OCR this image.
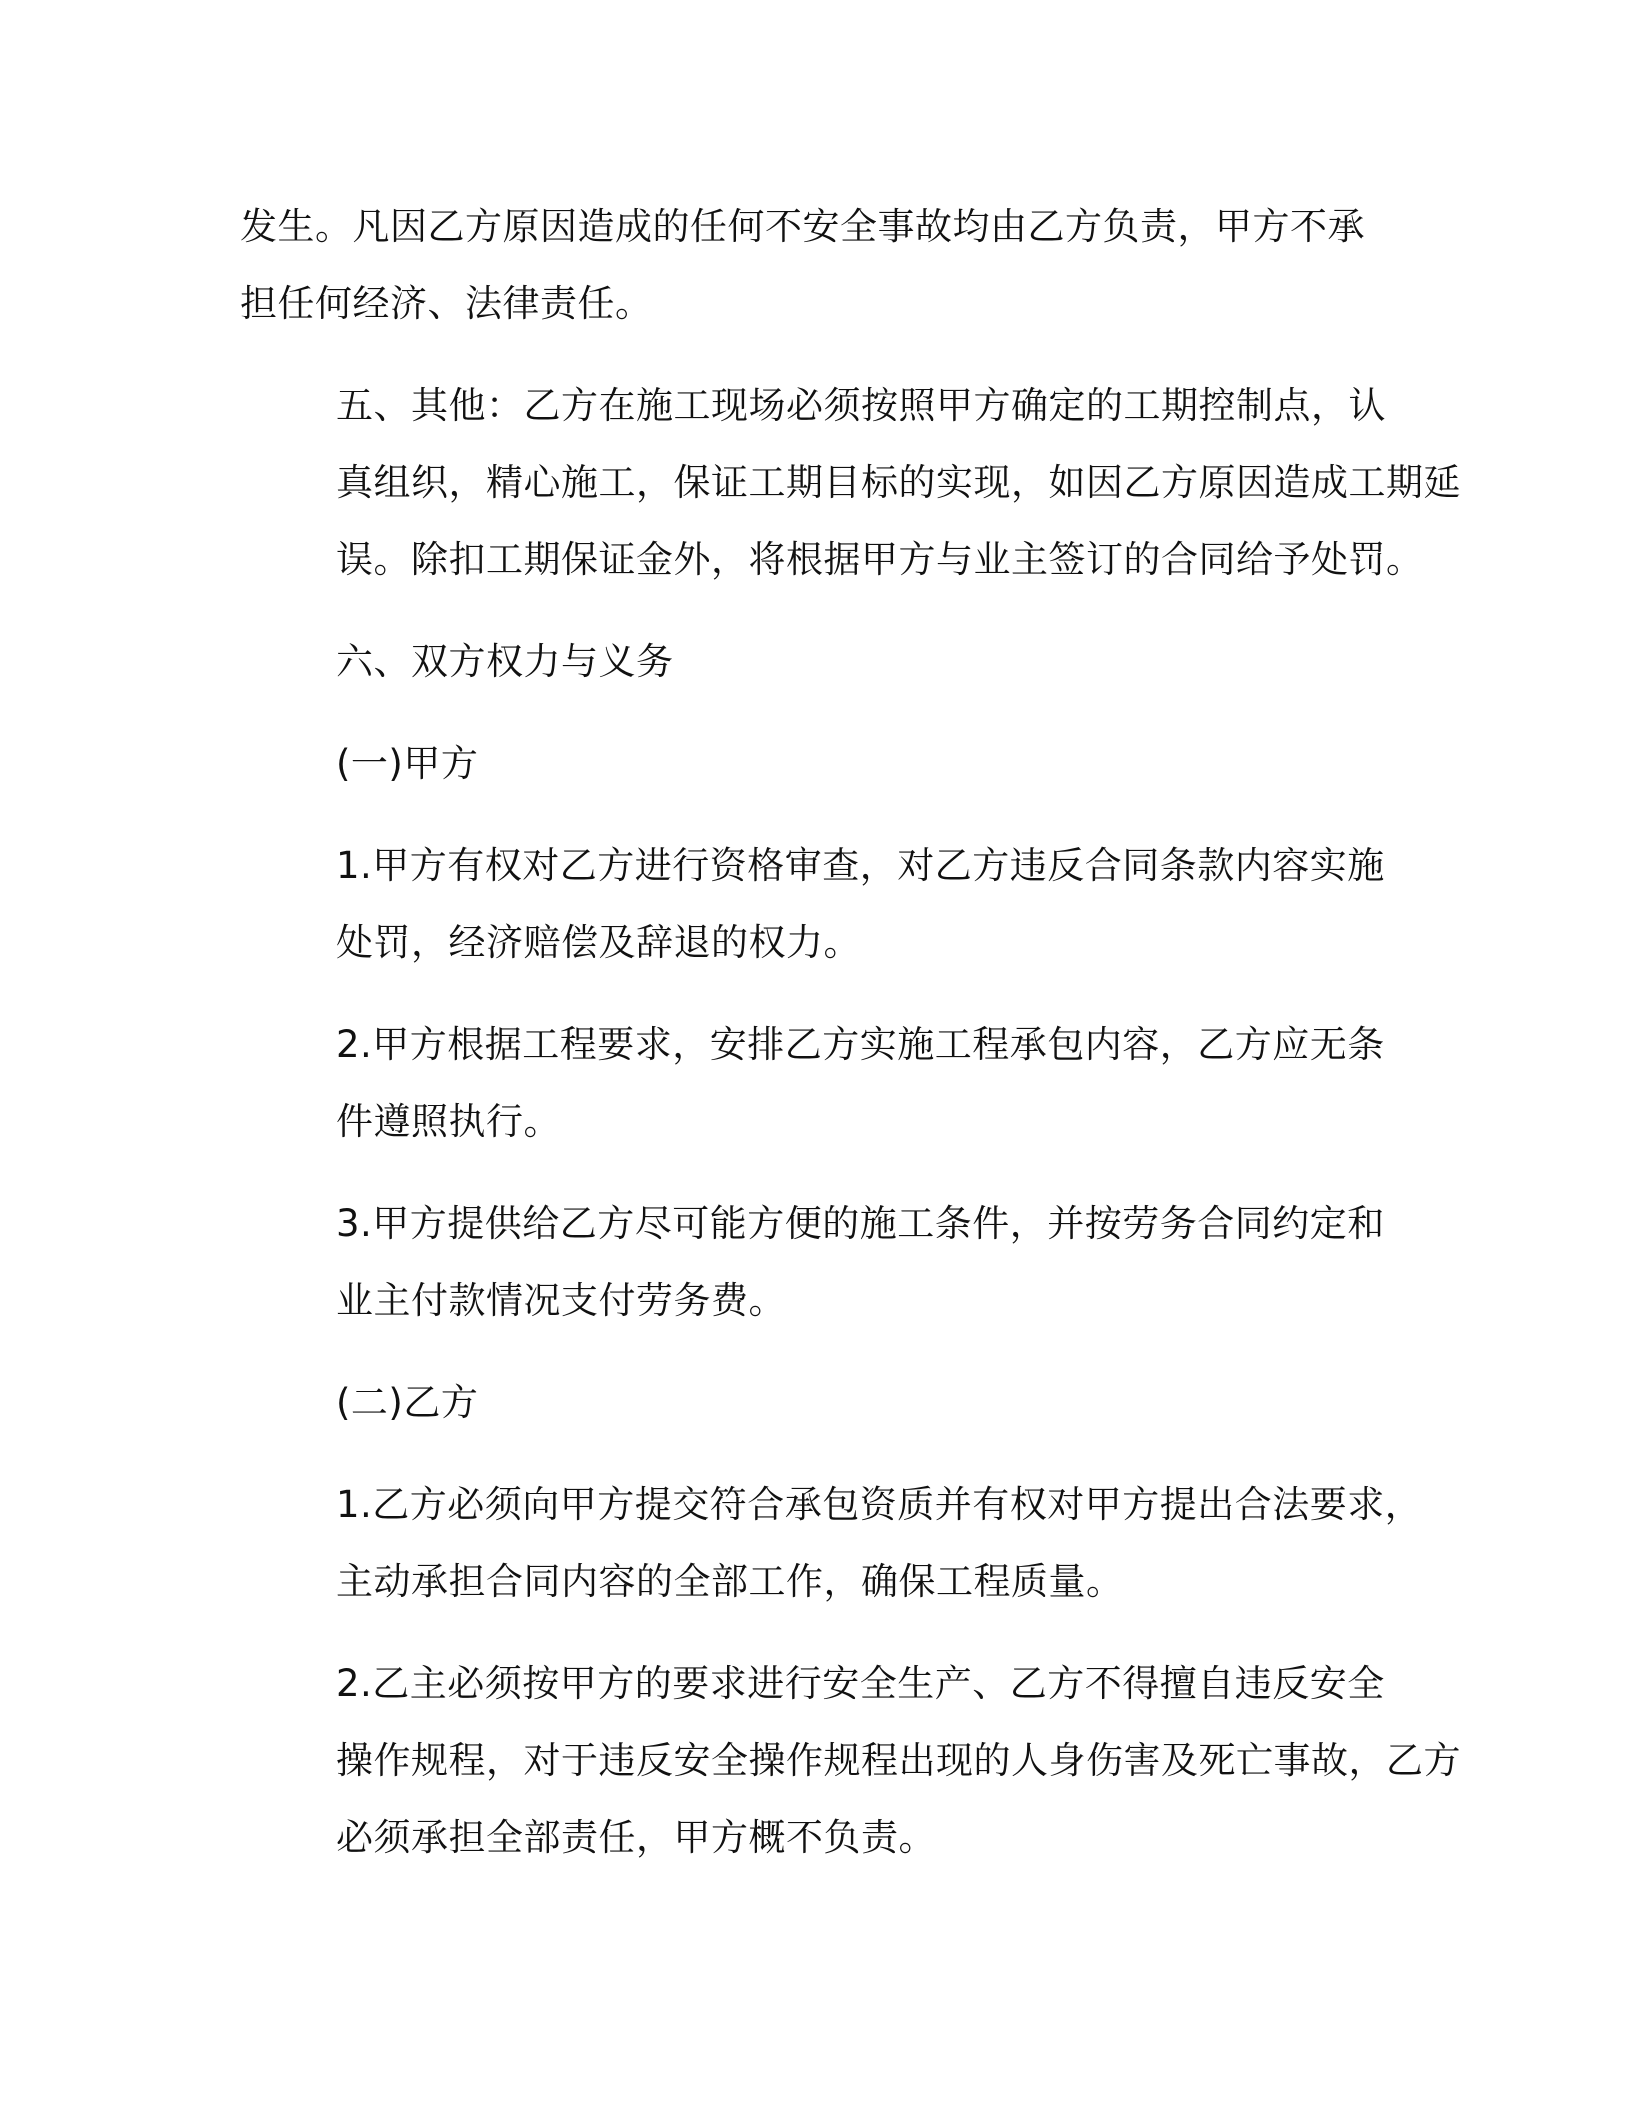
发生。凡因乙方原因造成的任何不安全事故均由乙方负责，甲方不承
担任何经济、法律责任。

五、其他：乙方在施工现场必须按照甲方确定的工期控制点，认
真组织，精心施工，保证工期目标的实现，如因乙方原因造成工期延
误。除扣工期保证金外，将根据甲方与业主签订的合同给予处罚。

六、双方权力与义务

(一)甲方

1.甲方有权对乙方进行资格审查，对乙方违反合同条款内容实施
处罚，经济赔偿及辞退的权力。

2.甲方根据工程要求，安排乙方实施工程承包内容，乙方应无条
件遵照执行。

3.甲方提供给乙方尽可能方便的施工条件，并按劳务合同约定和
业主付款情况支付劳务费。

(二)乙方

1.乙方必须向甲方提交符合承包资质并有权对甲方提出合法要求，
主动承担合同内容的全部工作，确保工程质量。

2.乙主必须按甲方的要求进行安全生产、乙方不得擅自违反安全
操作规程，对于违反安全操作规程出现的人身伤害及死亡事故，乙方
必须承担全部责任，甲方概不负责。
